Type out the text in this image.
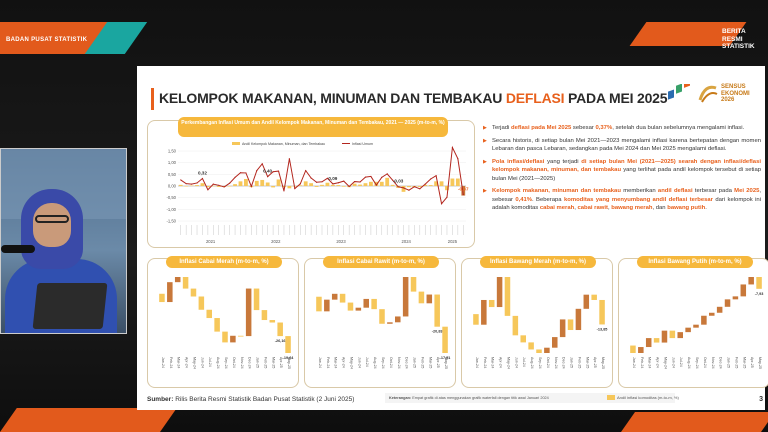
BADAN PUSAT STATISTIK
BERITA
RESMI
STATISTIK
KELOMPOK MAKANAN, MINUMAN DAN TEMBAKAU DEFLASI PADA MEI 2025
SENSUS
EKONOMI
2026
Perkembangan Inflasi Umum dan Andil Kelompok Makanan, Minuman dan Tembakau, 2021 — 2025 (m-to-m, %)
Andil Kelompok Makanan, Minuman, dan Tembakau	Inflasi Umum
1,50
1,00
0,50
0,00
-0,50
-1,00
-1,50
0,32	0,40
0,09
-0,03
-0,37
2021	2022	2023	2024	2025
▶ Terjadi deflasi pada Mei 2025 sebesar 0,37%, setelah dua bulan sebelumnya mengalami inflasi.
▶ Secara historis, di setiap bulan Mei 2021—2023 mengalami inflasi karena bertepatan dengan momen Lebaran dan pasca Lebaran, sedangkan pada Mei 2024 dan Mei 2025 mengalami deflasi.
▶ Pola inflasi/deflasi yang terjadi di setiap bulan Mei (2021—2025) searah dengan inflasi/deflasi kelompok makanan, minuman, dan tembakau yang terlihat pada andil kelompok tersebut di setiap bulan Mei (2021—2025)
▶ Kelompok makanan, minuman dan tembakau memberikan andil deflasi terbesar pada Mei 2025, sebesar 0,41%. Beberapa komoditas yang menyumbang andil deflasi terbesar dari kelompok ini adalah komoditas cabai merah, cabai rawit, bawang merah, dan bawang putih.
Inflasi Cabai Merah (m-to-m, %)
Jan-24 Feb-24 Mar-24 Apr-24 May-24 Jun-24 Jul-24 Aug-24 Sep-24 Oct-24 Nov-24 Dec-24 Jan-25 Feb-25 Mar-25
-26,16
Apr-25 -19,64
May-25
Inflasi Cabai Rawit (m-to-m, %)
Jan-24 Feb-24 Mar-24 Apr-24 May-24 Jun-24 Jul-24 Aug-24 Sep-24 Oct-24 Nov-24 Dec-24 Jan-25 Feb-25 Mar-25
-20,83
Apr-25 -17,51
May-25
Inflasi Bawang Merah (m-to-m, %)
Jan-24 Feb-24 Mar-24 Apr-24 May-24 Jun-24 Jul-24 Aug-24 Sep-24 Oct-24 Nov-24 Dec-24 Jan-25 Feb-25 Mar-25 Apr-25
-13,85
May-25
Inflasi Bawang Putih (m-to-m, %)
Jan-24 Feb-24 Mar-24 Apr-24 May-24 Jun-24 Jul-24 Aug-24 Sep-24 Oct-24 Nov-24 Dec-24 Jan-25 Feb-25 Mar-25 Apr-25
-7,93
May-25
Sumber: Rilis Berita Resmi Statistik Badan Pusat Statistik (2 Juni 2025)	Keterangan: Empat grafik di atas menggunakan grafik waterfall dengan titik awal Januari 2024	Andil inflasi komoditas (m-to-m, %)	3
